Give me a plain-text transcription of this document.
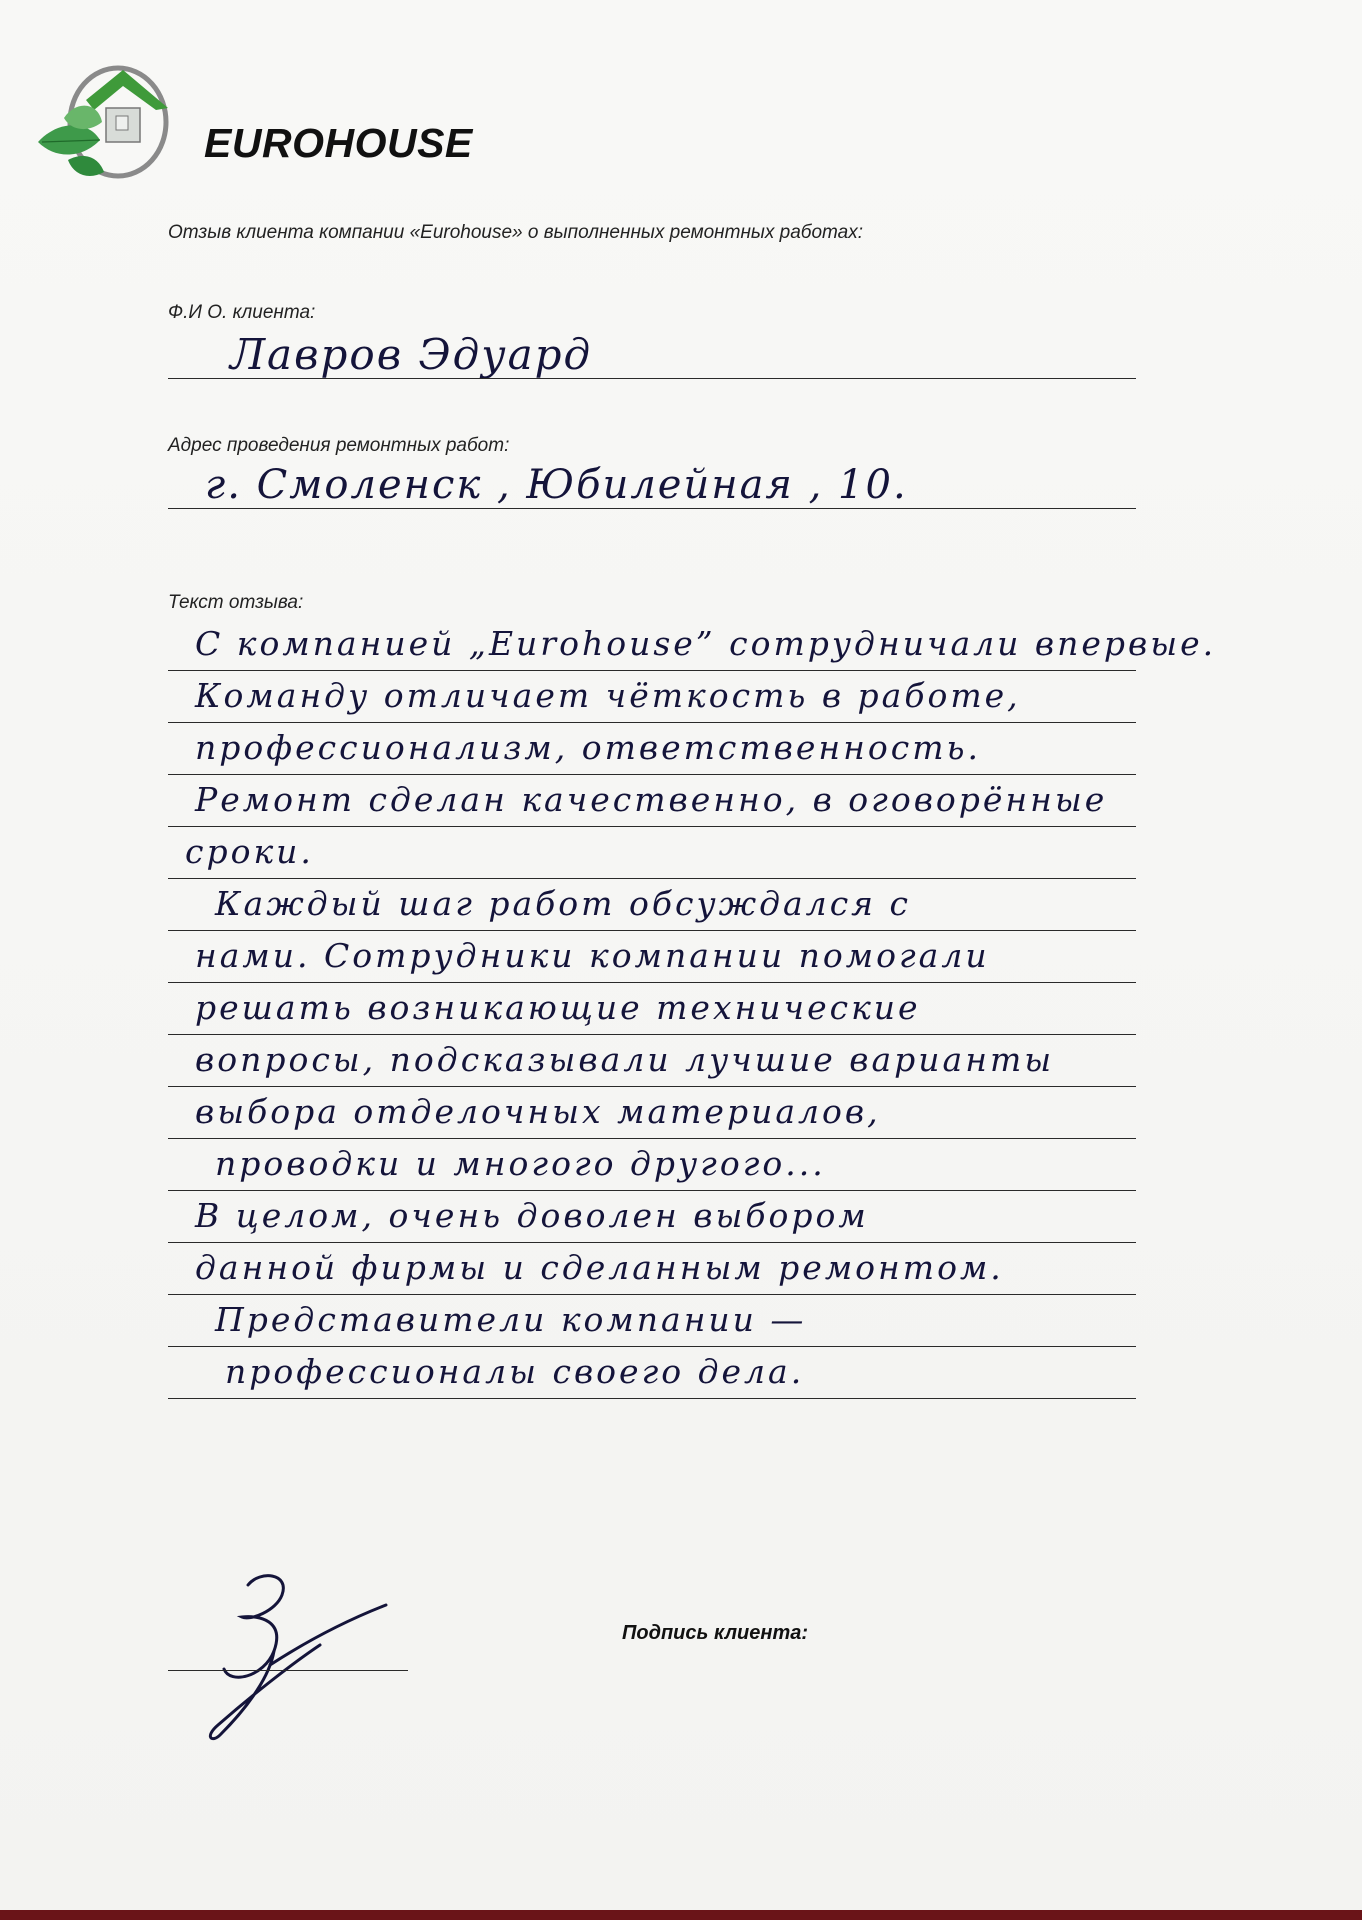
EUROHOUSE
Отзыв клиента компании «Eurohouse» о выполненных ремонтных работах:
Ф.И О. клиента:
Лавров Эдуард
Адрес проведения ремонтных работ:
г. Смоленск , Юбилейная , 10.
Текст отзыва:
С компанией „Eurohouse” сотрудничали впервые.
Команду отличает чёткость в работе,
профессионализм, ответственность.
Ремонт сделан качественно, в оговорённые
сроки.
Каждый шаг работ обсуждался с
нами. Сотрудники компании помогали
решать возникающие технические
вопросы, подсказывали лучшие варианты
выбора отделочных материалов,
проводки и многого другого...
В целом, очень доволен выбором
данной фирмы и сделанным ремонтом.
Представители компании —
профессионалы своего дела.
Подпись клиента:
